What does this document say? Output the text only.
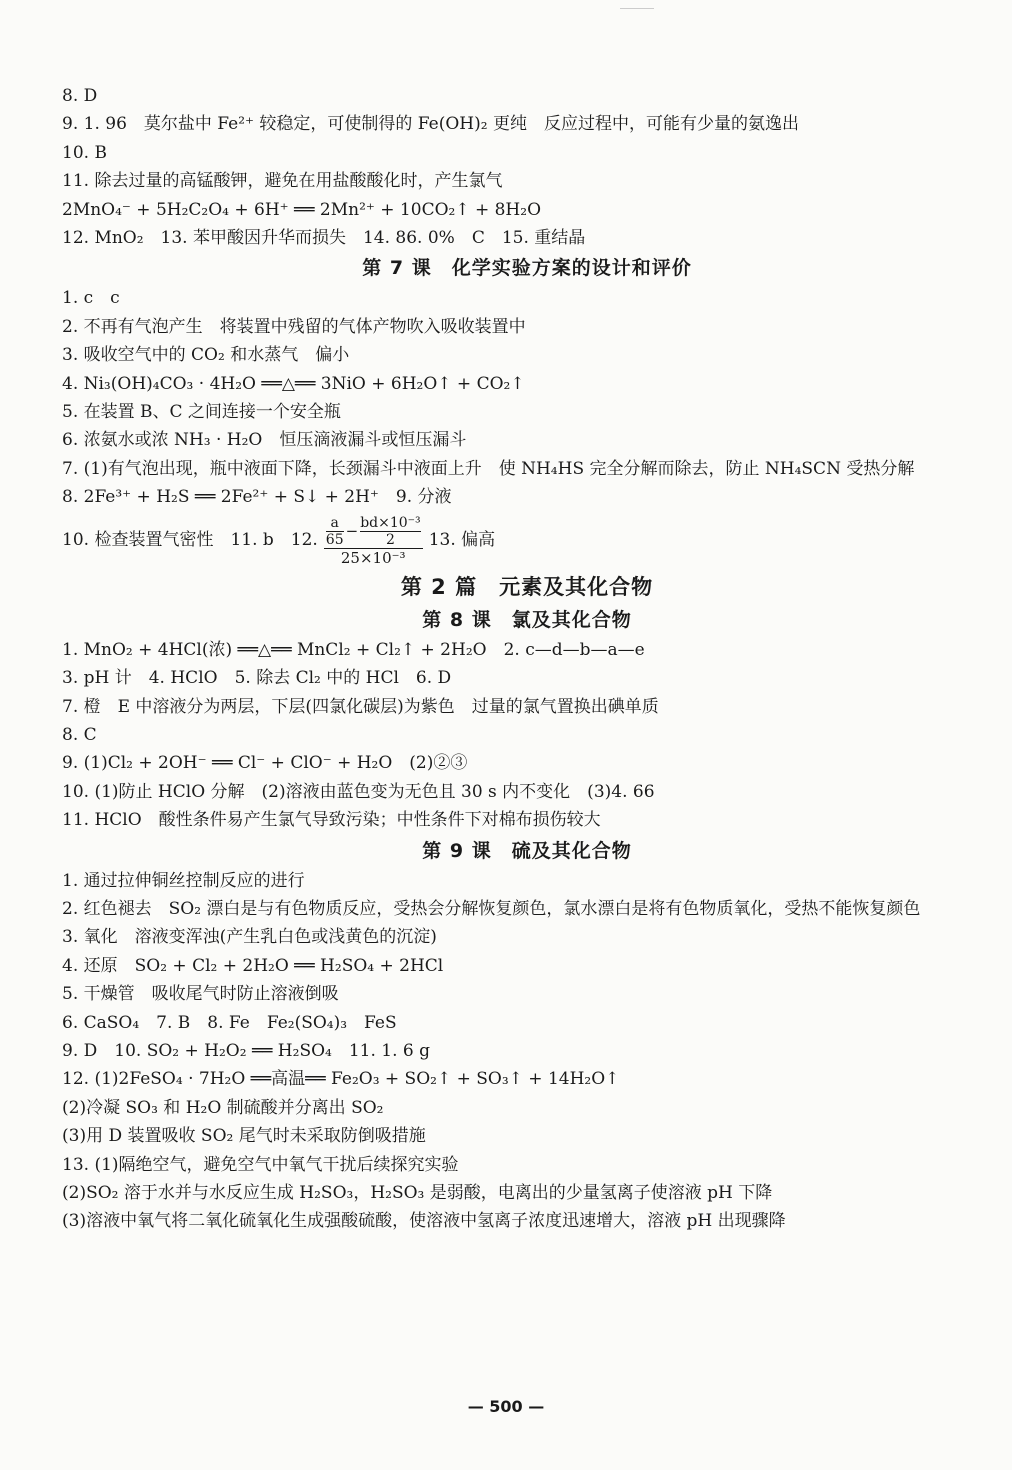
8. D
9. 1. 96　莫尔盐中 Fe²⁺ 较稳定，可使制得的 Fe(OH)₂ 更纯　反应过程中，可能有少量的氨逸出
10. B
11. 除去过量的高锰酸钾，避免在用盐酸酸化时，产生氯气
2MnO₄⁻ + 5H₂C₂O₄ + 6H⁺ ══ 2Mn²⁺ + 10CO₂↑ + 8H₂O
12. MnO₂　13. 苯甲酸因升华而损失　14. 86. 0%　C　15. 重结晶
第 7 课　化学实验方案的设计和评价
1. c　c
2. 不再有气泡产生　将装置中残留的气体产物吹入吸收装置中
3. 吸收空气中的 CO₂ 和水蒸气　偏小
4. Ni₃(OH)₄CO₃ · 4H₂O ══△══ 3NiO + 6H₂O↑ + CO₂↑
5. 在装置 B、C 之间连接一个安全瓶
6. 浓氨水或浓 NH₃ · H₂O　恒压滴液漏斗或恒压漏斗
7. (1)有气泡出现，瓶中液面下降，长颈漏斗中液面上升　使 NH₄HS 完全分解而除去，防止 NH₄SCN 受热分解
8. 2Fe³⁺ + H₂S ══ 2Fe²⁺ + S↓ + 2H⁺　9. 分液
10. 检查装置气密性　11. b　12. $\frac{a}{65} - \frac{\text{bd×10⁻³}}{2}$
25×10⁻³
13. 偏高
第 2 篇　元素及其化合物
第 8 课　氯及其化合物
1. MnO₂ + 4HCl(浓) ══△══ MnCl₂ + Cl₂↑ + 2H₂O　2. c—d—b—a—e
3. pH 计　4. HClO　5. 除去 Cl₂ 中的 HCl　6. D
7. 橙　E 中溶液分为两层，下层(四氯化碳层)为紫色　过量的氯气置换出碘单质
8. C
9. (1)Cl₂ + 2OH⁻ ══ Cl⁻ + ClO⁻ + H₂O　(2)②③
10. (1)防止 HClO 分解　(2)溶液由蓝色变为无色且 30 s 内不变化　(3)4. 66
11. HClO　酸性条件易产生氯气导致污染；中性条件下对棉布损伤较大
第 9 课　硫及其化合物
1. 通过拉伸铜丝控制反应的进行
2. 红色褪去　SO₂ 漂白是与有色物质反应，受热会分解恢复颜色，氯水漂白是将有色物质氧化，受热不能恢复颜色
3. 氧化　溶液变浑浊(产生乳白色或浅黄色的沉淀)
4. 还原　SO₂ + Cl₂ + 2H₂O ══ H₂SO₄ + 2HCl
5. 干燥管　吸收尾气时防止溶液倒吸
6. CaSO₄　7. B　8. Fe　Fe₂(SO₄)₃　FeS
9. D　10. SO₂ + H₂O₂ ══ H₂SO₄　11. 1. 6 g
12. (1)2FeSO₄ · 7H₂O ══高温══ Fe₂O₃ + SO₂↑ + SO₃↑ + 14H₂O↑
(2)冷凝 SO₃ 和 H₂O 制硫酸并分离出 SO₂
(3)用 D 装置吸收 SO₂ 尾气时未采取防倒吸措施
13. (1)隔绝空气，避免空气中氧气干扰后续探究实验
(2)SO₂ 溶于水并与水反应生成 H₂SO₃，H₂SO₃ 是弱酸，电离出的少量氢离子使溶液 pH 下降
(3)溶液中氧气将二氧化硫氧化生成强酸硫酸，使溶液中氢离子浓度迅速增大，溶液 pH 出现骤降
— 500 —
